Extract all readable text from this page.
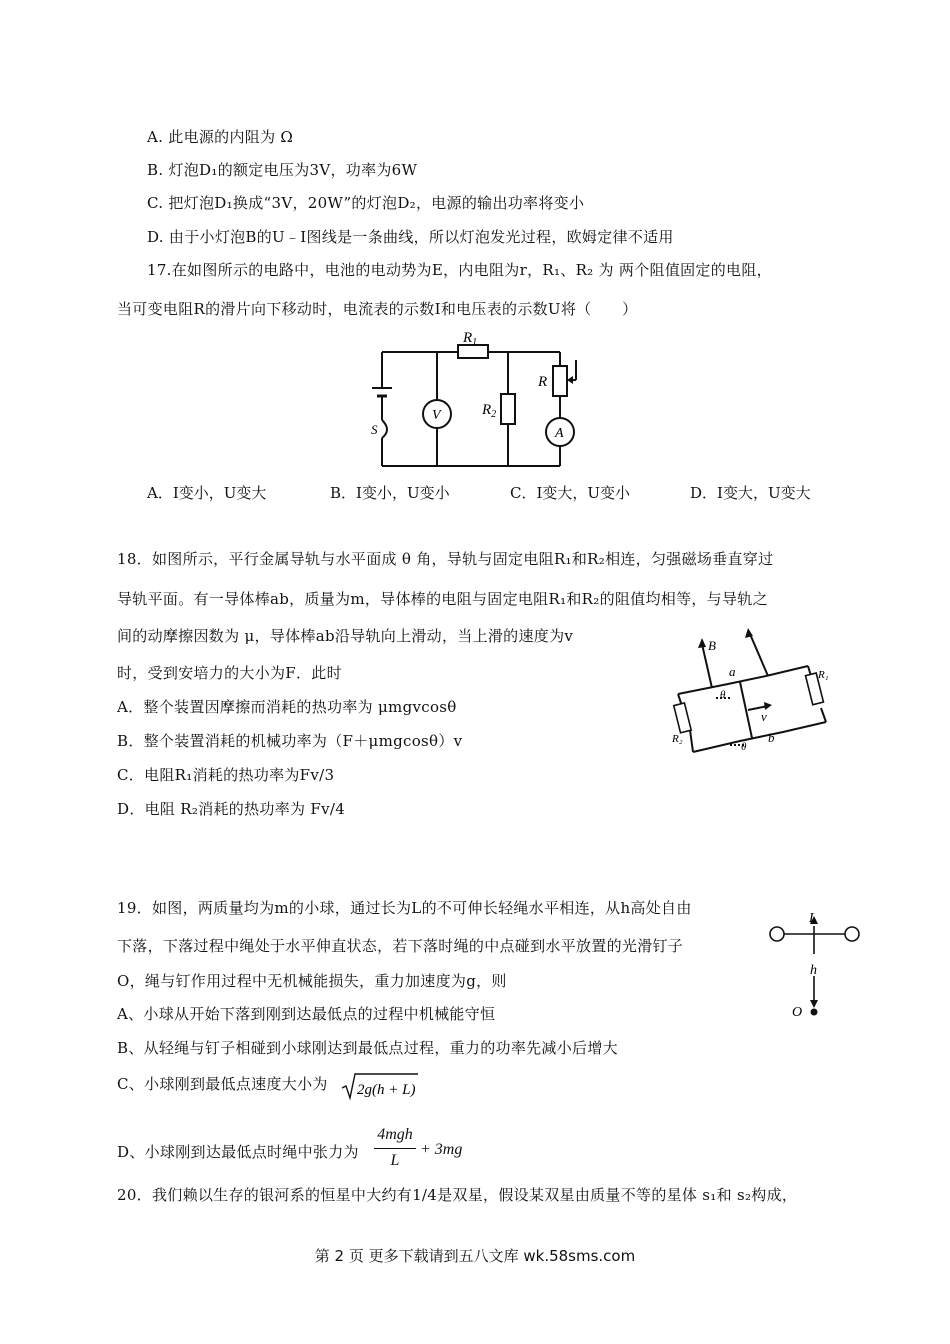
A. 此电源的内阻为 Ω
B. 灯泡D₁的额定电压为3V，功率为6W
C. 把灯泡D₁换成“3V，20W”的灯泡D₂，电源的输出功率将变小
D. 由于小灯泡B的U﹣I图线是一条曲线，所以灯泡发光过程，欧姆定律不适用
17.在如图所示的电路中，电池的电动势为E，内电阻为r，R₁、R₂ 为 两个阻值固定的电阻，
当可变电阻R的滑片向下移动时，电流表的示数I和电压表的示数U将（　　）
$R_1$
$R_2$
R
S
V
A
A．I变小，U变大	B．I变小，U变小	C．I变大，U变小	D．I变大，U变大
18．如图所示，平行金属导轨与水平面成 θ 角，导轨与固定电阻R₁和R₂相连，匀强磁场垂直穿过
导轨平面。有一导体棒ab，质量为m，导体棒的电阻与固定电阻R₁和R₂的阻值均相等，与导轨之
间的动摩擦因数为 μ，导体棒ab沿导轨向上滑动，当上滑的速度为v
时，受到安培力的大小为F．此时
A．整个装置因摩擦而消耗的热功率为 μmgvcosθ
B．整个装置消耗的机械功率为（F＋μmgcosθ）v
C．电阻R₁消耗的热功率为Fv/3
D．电阻 R₂消耗的热功率为 Fv/4
B
a
b
v
θ
θ
R₁
R₂
19．如图，两质量均为m的小球，通过长为L的不可伸长轻绳水平相连，从h高处自由
下落，下落过程中绳处于水平伸直状态，若下落时绳的中点碰到水平放置的光滑钉子
O，绳与钉作用过程中无机械能损失，重力加速度为g，则
A、小球从开始下落到刚到达最低点的过程中机械能守恒
B、从轻绳与钉子相碰到小球刚达到最低点过程，重力的功率先减小后增大
C、小球刚到最低点速度大小为 2g(h + L)
D、小球刚到达最低点时绳中张力为
4mgh
L
+ 3mg
L
h
O
20．我们赖以生存的银河系的恒星中大约有1/4是双星，假设某双星由质量不等的星体 s₁和 s₂构成，
第 2 页 更多下载请到五八文库 wk.58sms.com
